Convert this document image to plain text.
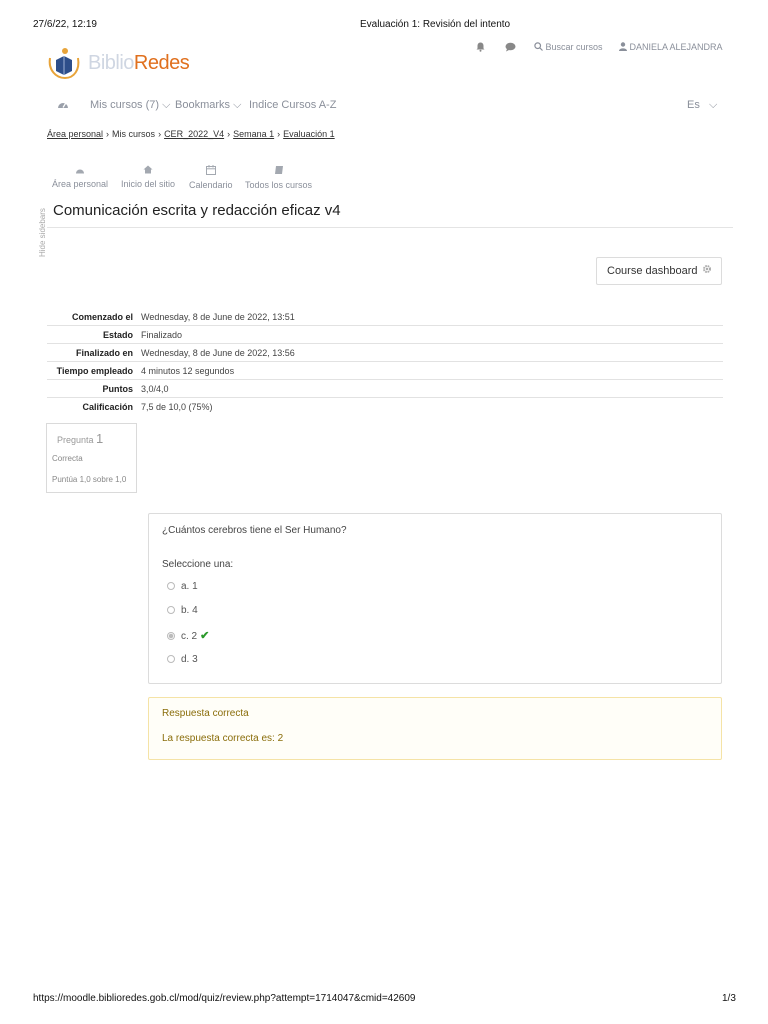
27/6/22, 12:19	Evaluación 1: Revisión del intento
BiblioRedes
Buscar cursos	DANIELA ALEJANDRA
Mis cursos (7) ⌵ Bookmarks ⌵ Indice Cursos A-Z	Es   ⌵
Área personal › Mis cursos › CER_2022_V4 › Semana 1 › Evaluación 1
Área personal Inicio del sitio Calendario Todos los cursos
Hide sidebars Comunicación escrita y redacción eficaz v4
Course dashboard
Comenzado el	Wednesday, 8 de June de 2022, 13:51
Estado	Finalizado
Finalizado en	Wednesday, 8 de June de 2022, 13:56
Tiempo empleado	4 minutos 12 segundos
Puntos	3,0/4,0
Calificación	7,5 de 10,0 (75%)
Pregunta 1
Correcta
Puntúa 1,0 sobre 1,0
¿Cuántos cerebros tiene el Ser Humano?
Seleccione una:
a. 1
b. 4
c. 2 ✔
d. 3
Respuesta correcta
La respuesta correcta es: 2
https://moodle.biblioredes.gob.cl/mod/quiz/review.php?attempt=1714047&cmid=42609	1/3
